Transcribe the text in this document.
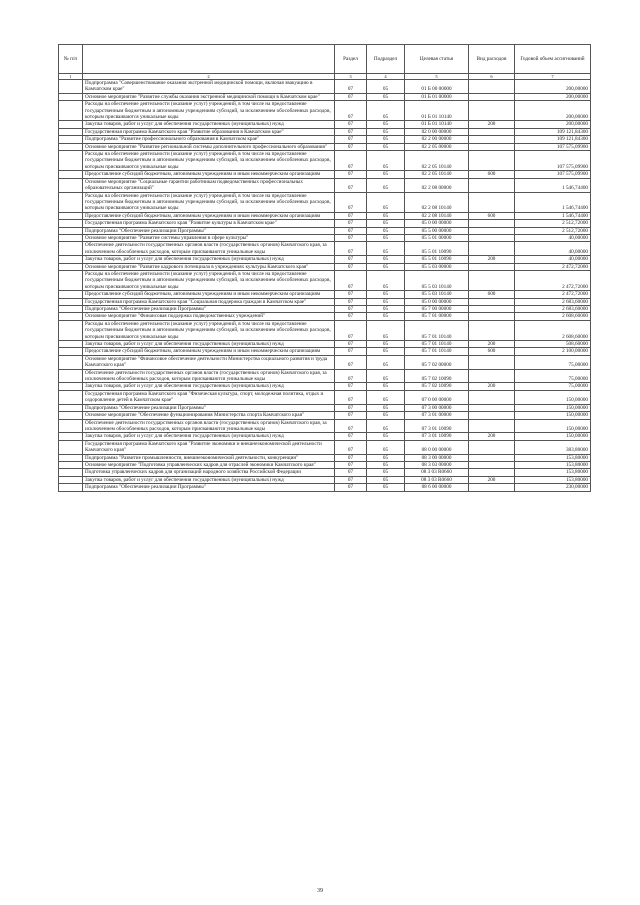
№ п/п		Раздел	Подраздел	Целевая статья	Вид расходов	Годовой объем ассигнований
1	2	3	4	5	6	7
	Подпрограмма "Совершенствование оказания экстренной медицинской помощи, включая эвакуацию в Камчатском крае"	07	05	01 Б 00 00000		200,00000
	Основное мероприятие "Развитие службы оказания экстренной медицинской помощи в Камчатском крае"	07	05	01 Б 01 00000		200,00000
	Расходы на обеспечение деятельности (оказание услуг) учреждений, в том числе на предоставление государственным бюджетным и автономным учреждениям субсидий, за исключением обособленных расходов, которым присваиваются уникальные коды	07	05	01 Б 01 10140		200,00000
	Закупка товаров, работ и услуг для обеспечения государственных (муниципальных) нужд	07	05	01 Б 01 10140	200	200,00000
	Государственная программа Камчатского края "Развитие образования в Камчатском крае"	07	05	02 0 00 00000		109 121,84300
	Подпрограмма "Развитие профессионального образования в Камчатском крае"	07	05	02 2 00 00000		109 121,84300
	Основное мероприятие "Развитие региональной системы дополнительного профессионального образования"	07	05	02 2 05 00000		107 575,09900
	Расходы на обеспечение деятельности (оказание услуг) учреждений, в том числе на предоставление государственным бюджетным и автономным учреждениям субсидий, за исключением обособленных расходов, которым присваиваются уникальные коды	07	05	02 2 05 10140		107 575,09900
	Предоставление субсидий бюджетным, автономным учреждениям и иным некоммерческим организациям	07	05	02 2 05 10140	600	107 575,09900
	Основное мероприятие "Социальные гарантии работникам подведомственных профессиональных образовательных организаций"	07	05	02 2 08 00000		1 546,74400
	Расходы на обеспечение деятельности (оказание услуг) учреждений, в том числе на предоставление государственным бюджетным и автономным учреждениям субсидий, за исключением обособленных расходов, которым присваиваются уникальные коды	07	05	02 2 08 10140		1 546,74400
	Предоставление субсидий бюджетным, автономным учреждениям и иным некоммерческим организациям	07	05	02 2 08 10140	600	1 546,74400
	Государственная программа Камчатского края "Развитие культуры в Камчатском крае"	07	05	05 0 00 00000		2 512,72000
	Подпрограмма "Обеспечение реализации Программы"	07	05	05 5 00 00000		2 512,72000
	Основное мероприятие "Развитие системы управления в сфере культуры"	07	05	05 5 01 00000		40,00000
	Обеспечение деятельности государственных органов власти (государственных органов) Камчатского края, за исключением обособленных расходов, которым присваиваются уникальные коды	07	05	05 5 01 10090		40,00000
	Закупка товаров, работ и услуг для обеспечения государственных (муниципальных) нужд	07	05	05 5 01 10090	200	40,00000
	Основное мероприятие "Развитие кадрового потенциала в учреждениях культуры Камчатского края"	07	05	05 5 03 00000		2 472,72000
	Расходы на обеспечение деятельности (оказание услуг) учреждений, в том числе на предоставление государственным бюджетным и автономным учреждениям субсидий, за исключением обособленных расходов, которым присваиваются уникальные коды	07	05	05 5 03 10140		2 472,72000
	Предоставление субсидий бюджетным, автономным учреждениям и иным некоммерческим организациям	07	05	05 5 03 10140	600	2 472,72000
	Государственная программа Камчатского края "Социальная поддержка граждан в Камчатском крае"	07	05	05 0 00 00000		2 683,60000
	Подпрограмма "Обеспечение реализации Программы"	07	05	05 7 00 00000		2 683,60000
	Основное мероприятие "Финансовая поддержка подведомственных учреждений"	07	05	05 7 01 00000		2 608,60000
	Расходы на обеспечение деятельности (оказание услуг) учреждений, в том числе на предоставление государственным бюджетным и автономным учреждениям субсидий, за исключением обособленных расходов, которым присваиваются уникальные коды	07	05	05 7 01 10140		2 608,60000
	Закупка товаров, работ и услуг для обеспечения государственных (муниципальных) нужд	07	05	05 7 01 10140	200	508,60000
	Предоставление субсидий бюджетным, автономным учреждениям и иным некоммерческим организациям	07	05	05 7 01 10140	600	2 100,00000
	Основное мероприятие "Финансовое обеспечение деятельности Министерства социального развития и труда Камчатского края"	07	05	05 7 02 00000		75,00000
	Обеспечение деятельности государственных органов власти (государственных органов) Камчатского края, за исключением обособленных расходов, которым присваиваются уникальные коды	07	05	05 7 02 10090		75,00000
	Закупка товаров, работ и услуг для обеспечения государственных (муниципальных) нужд	07	05	05 7 02 10090	200	75,00000
	Государственная программа Камчатского края "Физическая культура, спорт, молодежная политика, отдых и оздоровление детей в Камчатском крае"	07	05	07 0 00 00000		150,00000
	Подпрограмма "Обеспечение реализации Программы"	07	05	07 3 00 00000		150,00000
	Основное мероприятие "Обеспечение функционирования Министерства спорта Камчатского края"	07	05	07 3 01 00000		150,00000
	Обеспечение деятельности государственных органов власти (государственных органов) Камчатского края, за исключением обособленных расходов, которым присваиваются уникальные коды	07	05	07 3 01 10090		150,00000
	Закупка товаров, работ и услуг для обеспечения государственных (муниципальных) нужд	07	05	07 3 01 10090	200	150,00000
	Государственная программа Камчатского края "Развитие экономики и внешнеэкономической деятельности Камчатского края"	07	05	08 0 00 00000		383,80000
	Подпрограмма "Развитие промышленности, внешнеэкономической деятельности, конкуренции"	07	05	08 3 00 00000		153,80000
	Основное мероприятие "Подготовка управленческих кадров для отраслей экономики Камчатского края"	07	05	08 3 03 00000		153,80000
	Подготовка управленческих кадров для организаций народного хозяйства Российской Федерации	07	05	08 3 03 R0660		153,80000
	Закупка товаров, работ и услуг для обеспечения государственных (муниципальных) нужд	07	05	08 3 03 R0660	200	153,80000
	Подпрограмма "Обеспечение реализации Программы"	07	05	08 6 00 00000		230,00000
39
